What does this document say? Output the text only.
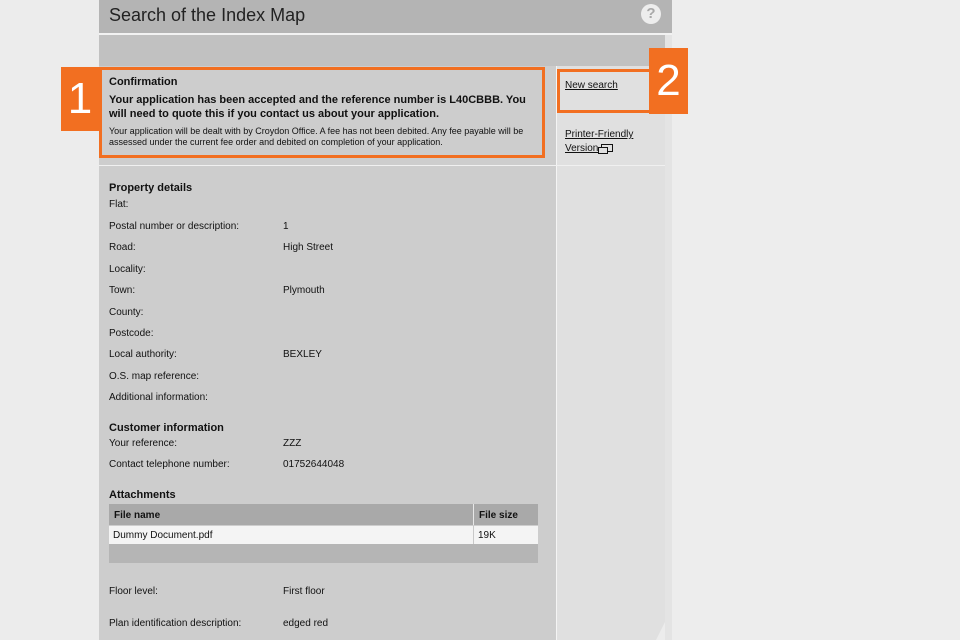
Search of the Index Map	?
Confirmation
Your application has been accepted and the reference number is L40CBBB. You will need to quote this if you contact us about your application.
Your application will be dealt with by Croydon Office. A fee has not been debited. Any fee payable will be assessed under the current fee order and debited on completion of your application.
New search
Printer-Friendly
Version
1	2
Property details
Flat:
Postal number or description:	1
Road:	High Street
Locality:
Town:	Plymouth
County:
Postcode:
Local authority:	BEXLEY
O.S. map reference:
Additional information:
Customer information
Your reference:	ZZZ
Contact telephone number:	01752644048
Attachments
File name	File size
Dummy Document.pdf	19K
Floor level:	First floor
Plan identification description:	edged red
